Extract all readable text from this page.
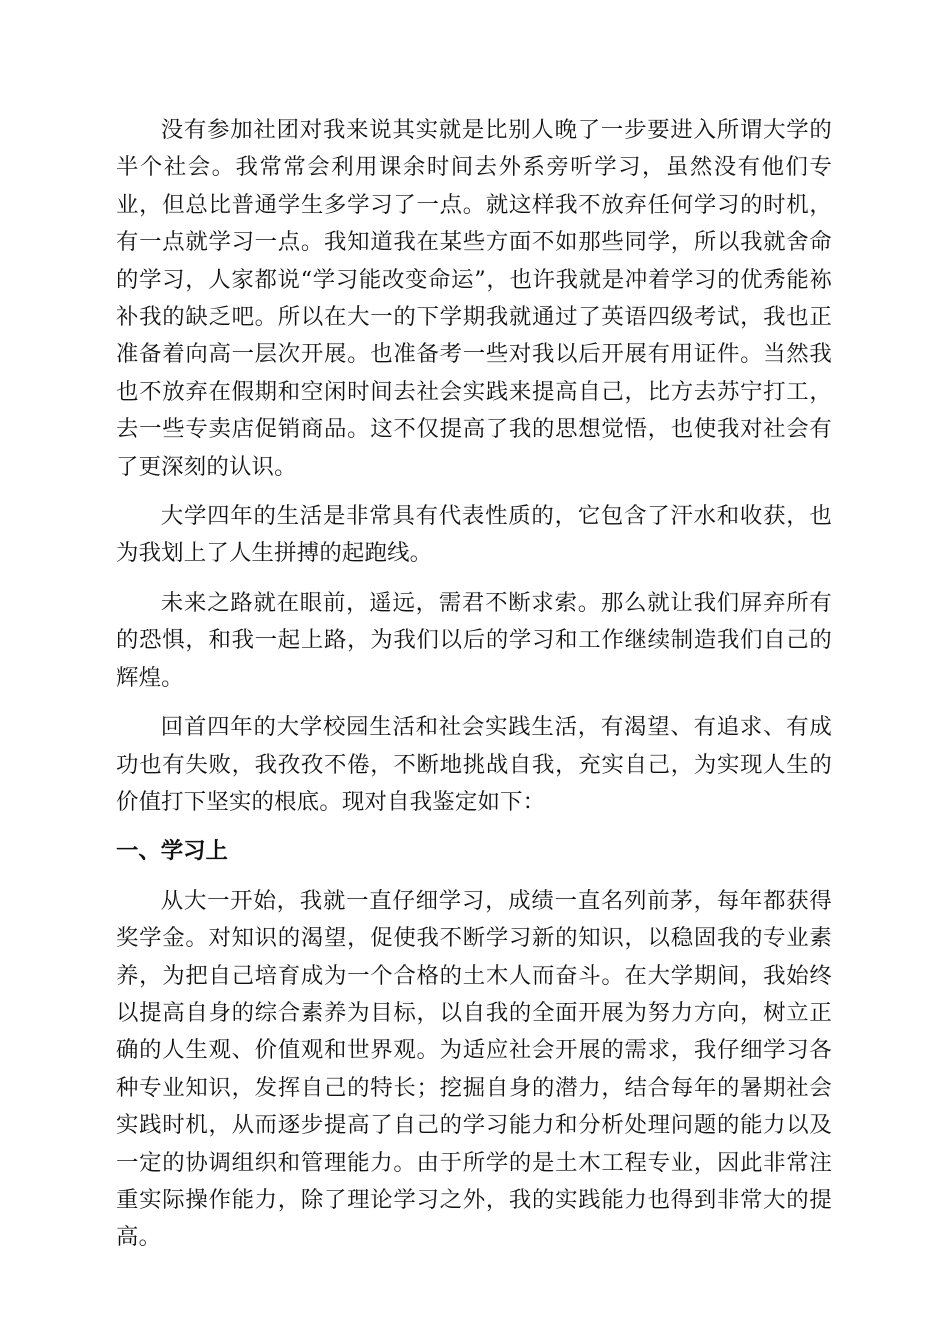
没有参加社团对我来说其实就是比别人晚了一步要进入所谓大学的半个社会。我常常会利用课余时间去外系旁听学习，虽然没有他们专业，但总比普通学生多学习了一点。就这样我不放弃任何学习的时机，有一点就学习一点。我知道我在某些方面不如那些同学，所以我就舍命的学习，人家都说“学习能改变命运”，也许我就是冲着学习的优秀能袮补我的缺乏吧。所以在大一的下学期我就通过了英语四级考试，我也正准备着向高一层次开展。也准备考一些对我以后开展有用证件。当然我也不放弃在假期和空闲时间去社会实践来提高自己，比方去苏宁打工，去一些专卖店促销商品。这不仅提高了我的思想觉悟，也使我对社会有了更深刻的认识。

大学四年的生活是非常具有代表性质的，它包含了汗水和收获，也为我划上了人生拼搏的起跑线。

未来之路就在眼前，遥远，需君不断求索。那么就让我们屏弃所有的恐惧，和我一起上路，为我们以后的学习和工作继续制造我们自己的辉煌。

回首四年的大学校园生活和社会实践生活，有渴望、有追求、有成功也有失败，我孜孜不倦，不断地挑战自我，充实自己，为实现人生的价值打下坚实的根底。现对自我鉴定如下：

一、学习上

从大一开始，我就一直仔细学习，成绩一直名列前茅，每年都获得奖学金。对知识的渴望，促使我不断学习新的知识，以稳固我的专业素养，为把自己培育成为一个合格的土木人而奋斗。在大学期间，我始终以提高自身的综合素养为目标，以自我的全面开展为努力方向，树立正确的人生观、价值观和世界观。为适应社会开展的需求，我仔细学习各种专业知识，发挥自己的特长；挖掘自身的潜力，结合每年的暑期社会实践时机，从而逐步提高了自己的学习能力和分析处理问题的能力以及一定的协调组织和管理能力。由于所学的是土木工程专业，因此非常注重实际操作能力，除了理论学习之外，我的实践能力也得到非常大的提高。
